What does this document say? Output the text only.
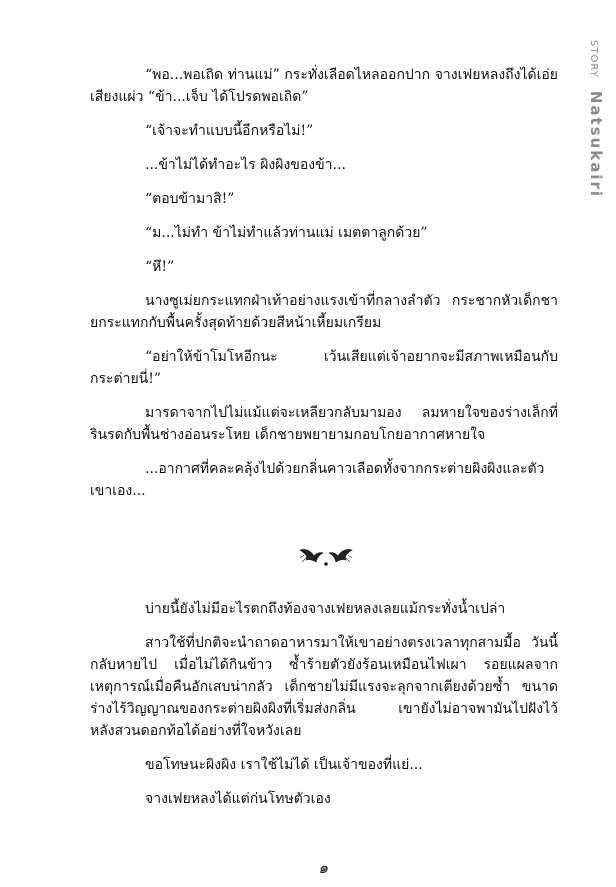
STORY Natsukairi

“พอ...พอเถิด ท่านแม่” กระทั่งเลือดไหลออกปาก จางเฟยหลงถึงได้เอ่ยเสียงแผ่ว “ข้า...เจ็บ ได้โปรดพอเถิด”

“เจ้าจะทำแบบนี้อีกหรือไม่!”

...ข้าไม่ได้ทำอะไร ผิงผิงของข้า...

“ตอบข้ามาสิ!”

“ม...ไม่ทำ ข้าไม่ทำแล้วท่านแม่ เมตตาลูกด้วย”

“หึ!”

นางซูเม่ยกระแทกฝ่าเท้าอย่างแรงเข้าที่กลางลำตัว กระชากหัวเด็กชายกระแทกกับพื้นครั้งสุดท้ายด้วยสีหน้าเหี้ยมเกรียม

“อย่าให้ข้าโมโหอีกนะ เว้นเสียแต่เจ้าอยากจะมีสภาพเหมือนกับกระต่ายนี่!”

มารดาจากไปไม่แม้แต่จะเหลียวกลับมามอง ลมหายใจของร่างเล็กที่รินรดกับพื้นช่างอ่อนระโหย เด็กชายพยายามกอบโกยอากาศหายใจ

...อากาศที่คละคลุ้งไปด้วยกลิ่นคาวเลือดทั้งจากกระต่ายผิงผิงและตัวเขาเอง...

บ่ายนี้ยังไม่มีอะไรตกถึงท้องจางเฟยหลงเลยแม้กระทั่งน้ำเปล่า

สาวใช้ที่ปกติจะนำถาดอาหารมาให้เขาอย่างตรงเวลาทุกสามมื้อ วันนี้กลับหายไป เมื่อไม่ได้กินข้าว ซ้ำร้ายตัวยังร้อนเหมือนไฟเผา รอยแผลจากเหตุการณ์เมื่อคืนอักเสบน่ากลัว เด็กชายไม่มีแรงจะลุกจากเตียงด้วยซ้ำ ขนาดร่างไร้วิญญาณของกระต่ายผิงผิงที่เริ่มส่งกลิ่น เขายังไม่อาจพามันไปฝังไว้หลังสวนดอกท้อได้อย่างที่ใจหวังเลย

ขอโทษนะผิงผิง เราใช้ไม่ได้ เป็นเจ้าของที่แย่...

จางเฟยหลงได้แต่ก่นโทษตัวเอง

๑
